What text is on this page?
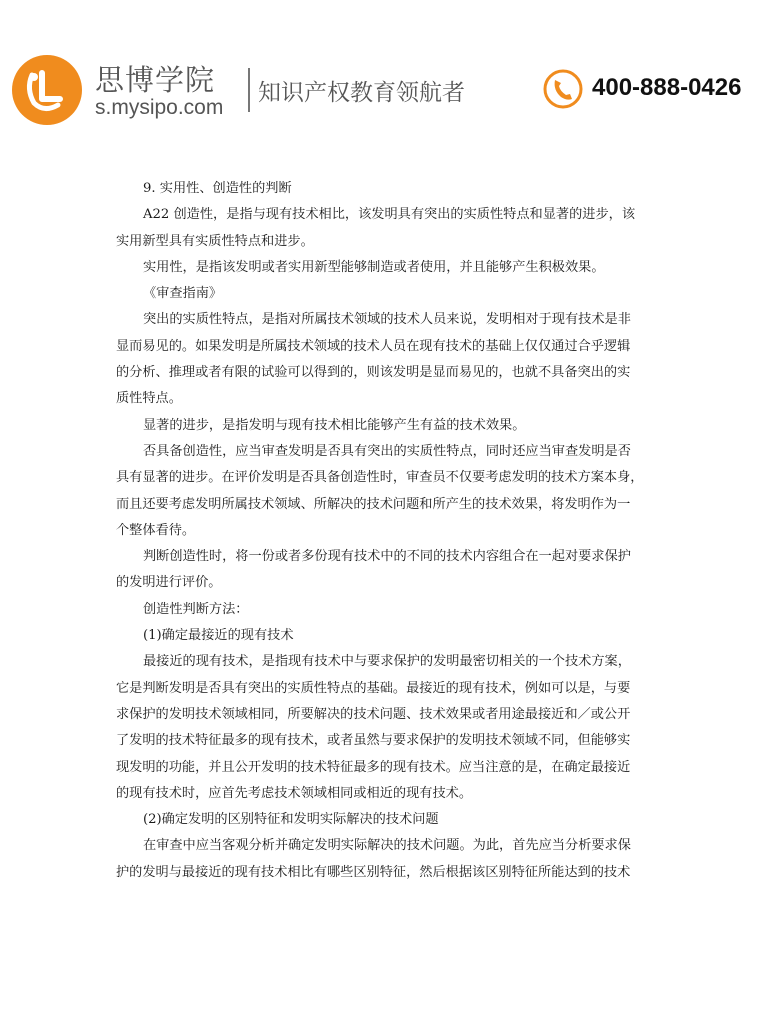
思博学院
s.mysipo.com
知识产权教育领航者	400-888-0426

9. 实用性、创造性的判断

A22 创造性，是指与现有技术相比，该发明具有突出的实质性特点和显著的进步，该

实用新型具有实质性特点和进步。

实用性，是指该发明或者实用新型能够制造或者使用，并且能够产生积极效果。

《审查指南》

突出的实质性特点，是指对所属技术领域的技术人员来说，发明相对于现有技术是非

显而易见的。如果发明是所属技术领域的技术人员在现有技术的基础上仅仅通过合乎逻辑

的分析、推理或者有限的试验可以得到的，则该发明是显而易见的，也就不具备突出的实

质性特点。

显著的进步，是指发明与现有技术相比能够产生有益的技术效果。

否具备创造性，应当审查发明是否具有突出的实质性特点，同时还应当审查发明是否

具有显著的进步。在评价发明是否具备创造性时，审查员不仅要考虑发明的技术方案本身，

而且还要考虑发明所属技术领域、所解决的技术问题和所产生的技术效果，将发明作为一

个整体看待。

判断创造性时，将一份或者多份现有技术中的不同的技术内容组合在一起对要求保护

的发明进行评价。

创造性判断方法：

(1)确定最接近的现有技术

最接近的现有技术，是指现有技术中与要求保护的发明最密切相关的一个技术方案，

它是判断发明是否具有突出的实质性特点的基础。最接近的现有技术，例如可以是，与要

求保护的发明技术领域相同，所要解决的技术问题、技术效果或者用途最接近和／或公开

了发明的技术特征最多的现有技术，或者虽然与要求保护的发明技术领域不同，但能够实

现发明的功能，并且公开发明的技术特征最多的现有技术。应当注意的是，在确定最接近

的现有技术时，应首先考虑技术领域相同或相近的现有技术。

(2)确定发明的区别特征和发明实际解决的技术问题

在审查中应当客观分析并确定发明实际解决的技术问题。为此，首先应当分析要求保

护的发明与最接近的现有技术相比有哪些区别特征，然后根据该区别特征所能达到的技术
